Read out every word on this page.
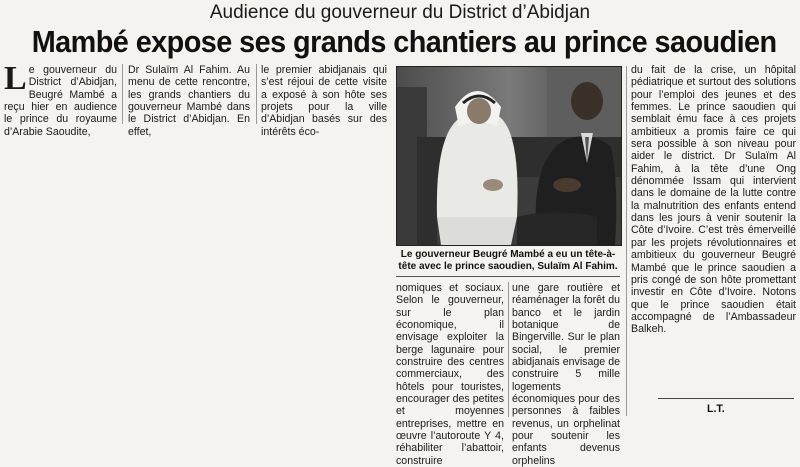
Audience du gouverneur du District d’Abidjan
Mambé expose ses grands chantiers au prince saoudien
L e gouverneur du District d’Abidjan, Beugré Mambé a reçu hier en audience le prince du royaume d’Arabie Saoudite,

Dr Sulaïm Al Fahim. Au menu de cette rencontre, les grands chantiers du gouverneur Mambé dans le District d’Abidjan. En effet,

le premier abidjanais qui s’est réjoui de cette visite a exposé à son hôte ses projets pour la ville d’Abidjan basés sur des intérêts éco-

Le gouverneur Beugré Mambé a eu un tête-à-tête avec le prince saoudien, Sulaïm Al Fahim.

nomiques et sociaux. Selon le gouverneur, sur le plan économique, il envisage exploiter la berge lagunaire pour construire des centres commerciaux, des hôtels pour touristes, encourager des petites et moyennes entreprises, mettre en œuvre l’autoroute Y 4, réhabiliter l’abattoir, construire

une gare routière et réaménager la forêt du banco et le jardin botanique de Bingerville. Sur le plan social, le premier abidjanais envisage de construire 5 mille logements économiques pour des personnes à faibles revenus, un orphelinat pour soutenir les enfants devenus orphelins

du fait de la crise, un hôpital pédiatrique et surtout des solutions pour l’emploi des jeunes et des femmes. Le prince saoudien qui semblait ému face à ces projets ambitieux a promis faire ce qui sera possible à son niveau pour aider le district. Dr Sulaïm Al Fahim, à la tête d’une Ong dénommée Issam qui intervient dans le domaine de la lutte contre la malnutrition des enfants entend dans les jours à venir soutenir la Côte d’Ivoire. C’est très émerveillé par les projets révolutionnaires et ambitieux du gouverneur Beugré Mambé que le prince saoudien a pris congé de son hôte promettant investir en Côte d’Ivoire. Notons que le prince saoudien était accompagné de l’Ambassadeur Balkeh.

L.T.
